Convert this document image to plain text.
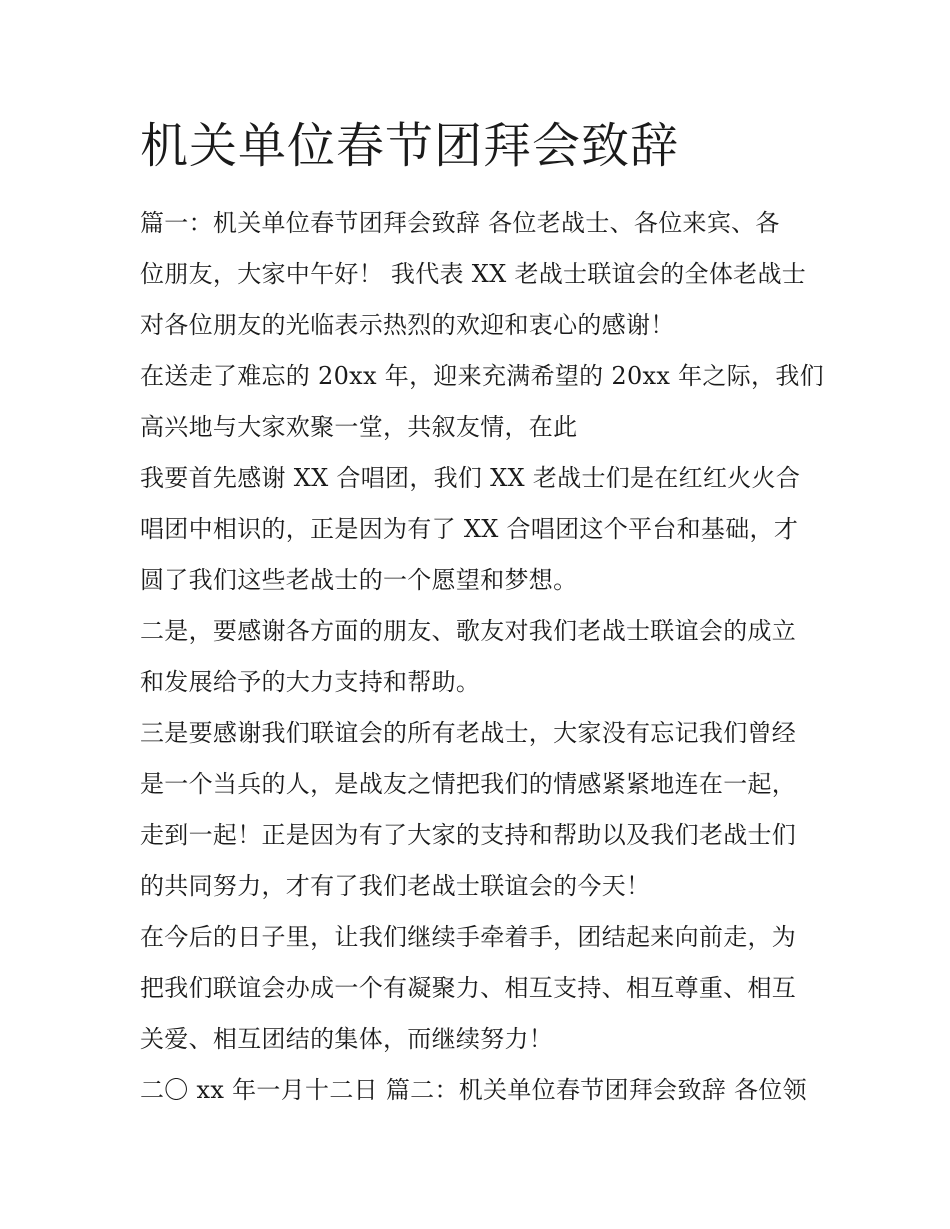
机关单位春节团拜会致辞
篇一：机关单位春节团拜会致辞 各位老战士、各位来宾、各
位朋友，大家中午好！ 我代表 XX 老战士联谊会的全体老战士
对各位朋友的光临表示热烈的欢迎和衷心的感谢！
在送走了难忘的 20xx 年，迎来充满希望的 20xx 年之际，我们
高兴地与大家欢聚一堂，共叙友情，在此
我要首先感谢 XX 合唱团，我们 XX 老战士们是在红红火火合
唱团中相识的，正是因为有了 XX 合唱团这个平台和基础，才
圆了我们这些老战士的一个愿望和梦想。
二是，要感谢各方面的朋友、歌友对我们老战士联谊会的成立
和发展给予的大力支持和帮助。
三是要感谢我们联谊会的所有老战士，大家没有忘记我们曾经
是一个当兵的人，是战友之情把我们的情感紧紧地连在一起，
走到一起！正是因为有了大家的支持和帮助以及我们老战士们
的共同努力，才有了我们老战士联谊会的今天！
在今后的日子里，让我们继续手牵着手，团结起来向前走，为
把我们联谊会办成一个有凝聚力、相互支持、相互尊重、相互
关爱、相互团结的集体，而继续努力！
二〇 xx 年一月十二日 篇二：机关单位春节团拜会致辞 各位领
